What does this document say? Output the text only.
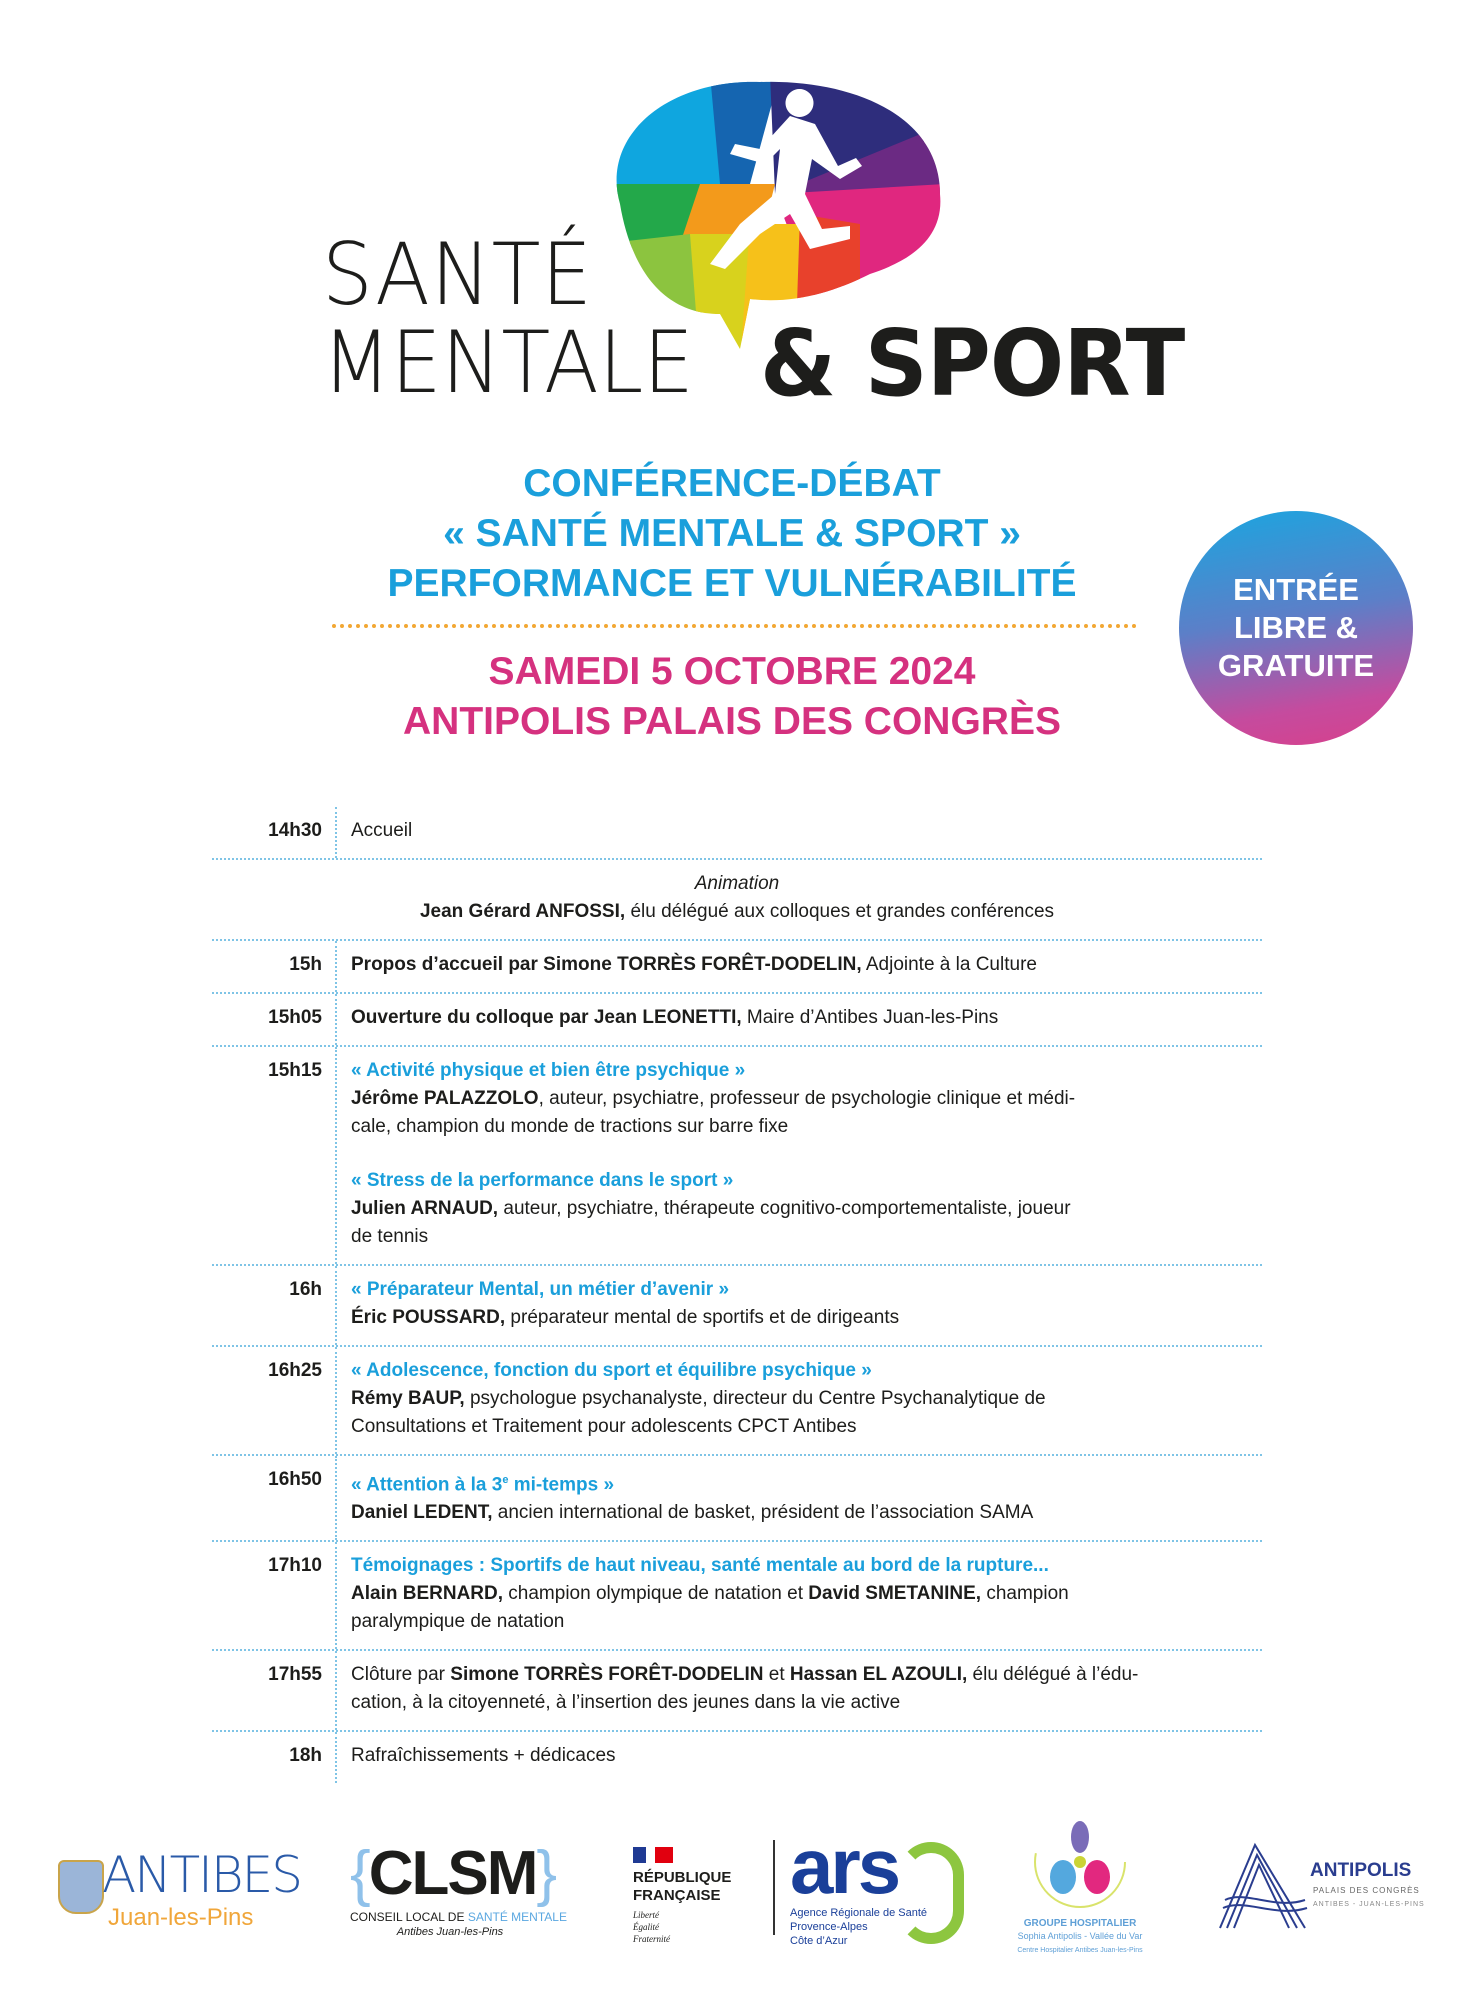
SANTÉ
MENTALE & SPORT
CONFÉRENCE-DÉBAT
« SANTÉ MENTALE & SPORT »
PERFORMANCE ET VULNÉRABILITÉ
SAMEDI 5 OCTOBRE 2024
ANTIPOLIS PALAIS DES CONGRÈS
ENTRÉE
LIBRE &
GRATUITE
14h30	Accueil
Animation
Jean Gérard ANFOSSI, élu délégué aux colloques et grandes conférences
15h	Propos d’accueil par Simone TORRÈS FORÊT-DODELIN, Adjointe à la Culture
15h05	Ouverture du colloque par Jean LEONETTI, Maire d’Antibes Juan-les-Pins
15h15	« Activité physique et bien être psychique »
Jérôme PALAZZOLO, auteur, psychiatre, professeur de psychologie clinique et médi-
cale, champion du monde de tractions sur barre fixe
« Stress de la performance dans le sport »
Julien ARNAUD, auteur, psychiatre, thérapeute cognitivo-comportementaliste, joueur
de tennis
16h	« Préparateur Mental, un métier d’avenir »
Éric POUSSARD, préparateur mental de sportifs et de dirigeants
16h25	« Adolescence, fonction du sport et équilibre psychique »
Rémy BAUP, psychologue psychanalyste, directeur du Centre Psychanalytique de
Consultations et Traitement pour adolescents CPCT Antibes
16h50	« Attention à la 3e mi-temps »
Daniel LEDENT, ancien international de basket, président de l’association SAMA
17h10	Témoignages : Sportifs de haut niveau, santé mentale au bord de la rupture...
Alain BERNARD, champion olympique de natation et David SMETANINE, champion
paralympique de natation
17h55	Clôture par Simone TORRÈS FORÊT-DODELIN et Hassan EL AZOULI, élu délégué à l’édu-
cation, à la citoyenneté, à l’insertion des jeunes dans la vie active
18h	Rafraîchissements + dédicaces
ANTIBES
Juan-les-Pins
{CLSM}
CONSEIL LOCAL DE SANTÉ MENTALE
Antibes Juan-les-Pins
RÉPUBLIQUE
FRANÇAISE
Liberté
Égalité
Fraternité
ars
Agence Régionale de Santé
Provence-Alpes
Côte d’Azur
GROUPE HOSPITALIER
Sophia Antipolis - Vallée du Var
Centre Hospitalier Antibes Juan-les-Pins
ANTIPOLIS
PALAIS DES CONGRÈS
ANTIBES - JUAN-LES-PINS
